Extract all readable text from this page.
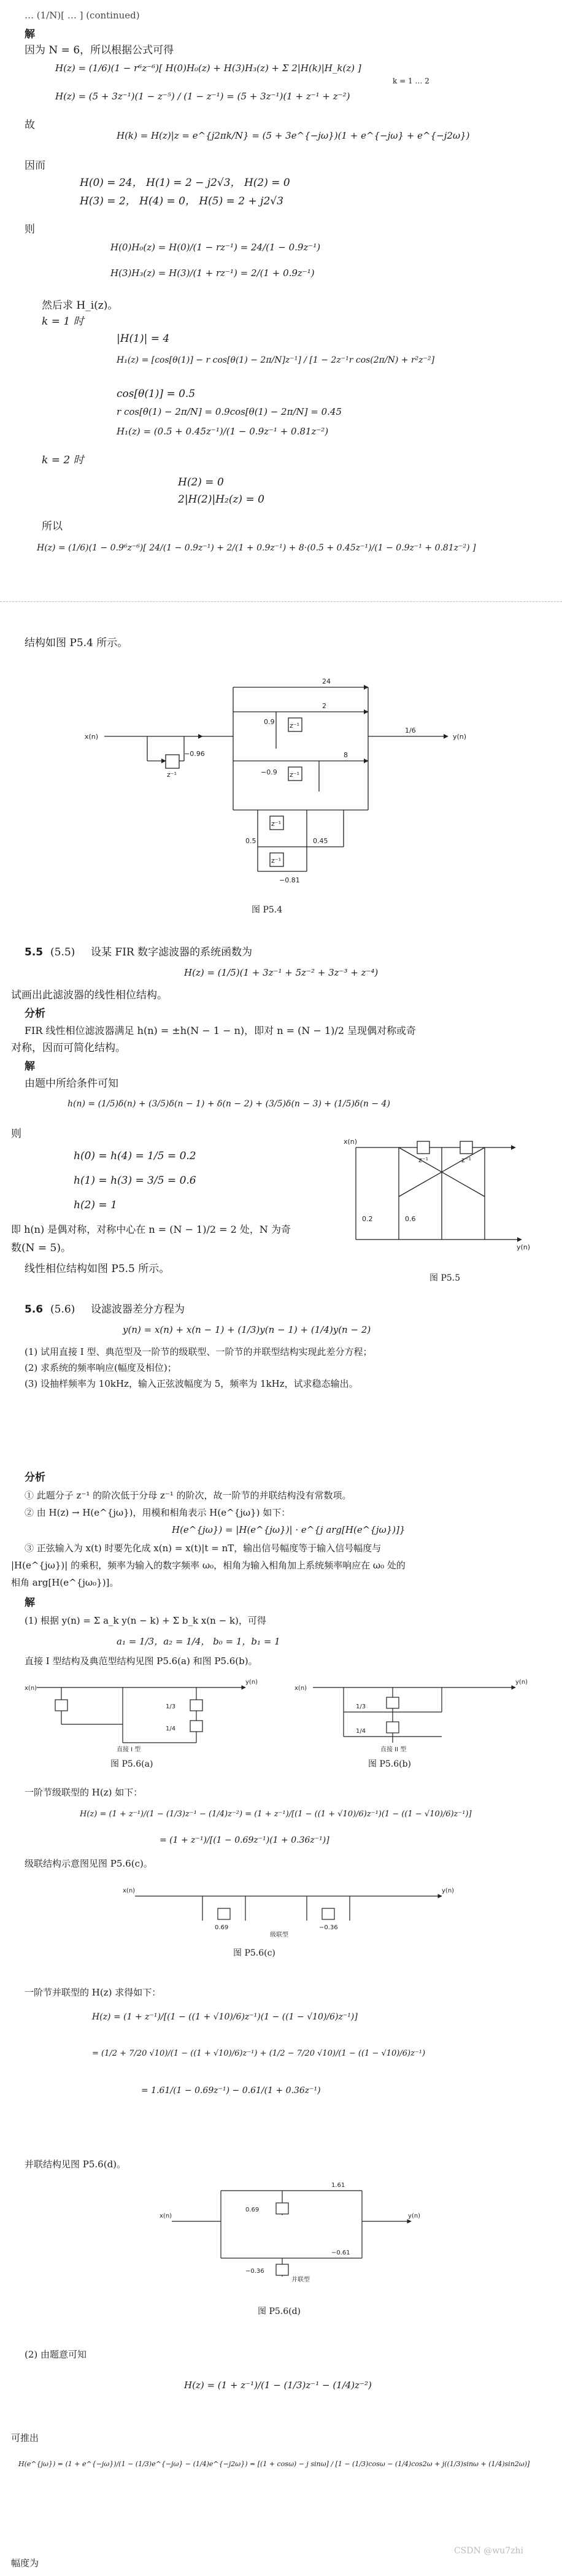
… (1/N)[ … ] (continued)
解
因为 N = 6，所以根据公式可得
H(z) = (1/6)(1 − r⁶z⁻⁶)[ H(0)H₀(z) + H(3)H₃(z) + Σ 2|H(k)|H_k(z) ]
k = 1 … 2
H(z) = (5 + 3z⁻¹)(1 − z⁻⁵) / (1 − z⁻¹) = (5 + 3z⁻¹)(1 + z⁻¹ + z⁻²)
故
H(k) = H(z)|z = e^{j2πk/N} = (5 + 3e^{−jω})(1 + e^{−jω} + e^{−j2ω})
因而
H(0) = 24， H(1) = 2 − j2√3， H(2) = 0
H(3) = 2， H(4) = 0， H(5) = 2 + j2√3
则
H(0)H₀(z) = H(0)/(1 − rz⁻¹) = 24/(1 − 0.9z⁻¹)
H(3)H₃(z) = H(3)/(1 + rz⁻¹) = 2/(1 + 0.9z⁻¹)
然后求 H_i(z)。
k = 1 时
|H(1)| = 4
H₁(z) = [cos[θ(1)] − r cos[θ(1) − 2π/N]z⁻¹] / [1 − 2z⁻¹r cos(2π/N) + r²z⁻²]
cos[θ(1)] = 0.5
r cos[θ(1) − 2π/N] = 0.9cos[θ(1) − 2π/N] = 0.45
H₁(z) = (0.5 + 0.45z⁻¹)/(1 − 0.9z⁻¹ + 0.81z⁻²)
k = 2 时
H(2) = 0
2|H(2)|H₂(z) = 0
所以
H(z) = (1/6)(1 − 0.9⁶z⁻⁶)[ 24/(1 − 0.9z⁻¹) + 2/(1 + 0.9z⁻¹) + 8·(0.5 + 0.45z⁻¹)/(1 − 0.9z⁻¹ + 0.81z⁻²) ]
结构如图 P5.4 所示。
x(n)	y(n)
24
2
8
1/6
z⁻¹
z⁻¹
z⁻¹
z⁻¹
z⁻¹
−0.96
0.9
−0.9
0.5	0.45
−0.81
图 P5.4
5.5 (5.5) 设某 FIR 数字滤波器的系统函数为
H(z) = (1/5)(1 + 3z⁻¹ + 5z⁻² + 3z⁻³ + z⁻⁴)
试画出此滤波器的线性相位结构。
分析
FIR 线性相位滤波器满足 h(n) = ±h(N − 1 − n)，即对 n = (N − 1)/2 呈现偶对称或奇
对称，因而可简化结构。
解
由题中所给条件可知
h(n) = (1/5)δ(n) + (3/5)δ(n − 1) + δ(n − 2) + (3/5)δ(n − 3) + (1/5)δ(n − 4)
则
h(0) = h(4) = 1/5 = 0.2
h(1) = h(3) = 3/5 = 0.6
h(2) = 1
即 h(n) 是偶对称，对称中心在 n = (N − 1)/2 = 2 处，N 为奇
数(N = 5)。
线性相位结构如图 P5.5 所示。
x(n)
y(n)
z⁻¹	z⁻¹
0.2	0.6
图 P5.5
5.6 (5.6) 设滤波器差分方程为
y(n) = x(n) + x(n − 1) + (1/3)y(n − 1) + (1/4)y(n − 2)
(1) 试用直接 I 型、典范型及一阶节的级联型、一阶节的并联型结构实现此差分方程；
(2) 求系统的频率响应(幅度及相位)；
(3) 设抽样频率为 10kHz，输入正弦波幅度为 5，频率为 1kHz，试求稳态输出。
分析
① 此题分子 z⁻¹ 的阶次低于分母 z⁻¹ 的阶次，故一阶节的并联结构没有常数项。
② 由 H(z) → H(e^{jω})，用模和相角表示 H(e^{jω}) 如下：
H(e^{jω}) = |H(e^{jω})| · e^{j arg[H(e^{jω})]}
③ 正弦输入为 x(t) 时要先化成 x(n) = x(t)|t = nT，输出信号幅度等于输入信号幅度与
|H(e^{jω})| 的乘积，频率为输入的数字频率 ω₀，相角为输入相角加上系统频率响应在 ω₀ 处的
相角 arg[H(e^{jω₀})]。
解
(1) 根据 y(n) = Σ a_k y(n − k) + Σ b_k x(n − k)，可得
a₁ = 1/3，a₂ = 1/4， b₀ = 1，b₁ = 1
直接 I 型结构及典范型结构见图 P5.6(a) 和图 P5.6(b)。
x(n)
y(n)
1/3
1/4
直接 I 型
x(n)
y(n)
1/3
1/4
直接 II 型
图 P5.6(a)	图 P5.6(b)
一阶节级联型的 H(z) 如下：
H(z) = (1 + z⁻¹)/(1 − (1/3)z⁻¹ − (1/4)z⁻²) = (1 + z⁻¹)/[(1 − ((1 + √10)/6)z⁻¹)(1 − ((1 − √10)/6)z⁻¹)]
= (1 + z⁻¹)/[(1 − 0.69z⁻¹)(1 + 0.36z⁻¹)]
级联结构示意图见图 P5.6(c)。
x(n)	y(n)
0.69	−0.36
级联型
图 P5.6(c)
一阶节并联型的 H(z) 求得如下：
H(z) = (1 + z⁻¹)/[(1 − ((1 + √10)/6)z⁻¹)(1 − ((1 − √10)/6)z⁻¹)]
= (1/2 + 7/20 √10)/(1 − ((1 + √10)/6)z⁻¹) + (1/2 − 7/20 √10)/(1 − ((1 − √10)/6)z⁻¹)
= 1.61/(1 − 0.69z⁻¹) − 0.61/(1 + 0.36z⁻¹)
并联结构见图 P5.6(d)。
x(n)	y(n)
1.61
−0.61
0.69
−0.36
并联型
图 P5.6(d)
(2) 由题意可知
H(z) = (1 + z⁻¹)/(1 − (1/3)z⁻¹ − (1/4)z⁻²)
可推出
H(e^{jω}) = (1 + e^{−jω})/(1 − (1/3)e^{−jω} − (1/4)e^{−j2ω}) = [(1 + cosω) − j sinω] / [1 − (1/3)cosω − (1/4)cos2ω + j((1/3)sinω + (1/4)sin2ω)]
幅度为
CSDN @wu7zhi
